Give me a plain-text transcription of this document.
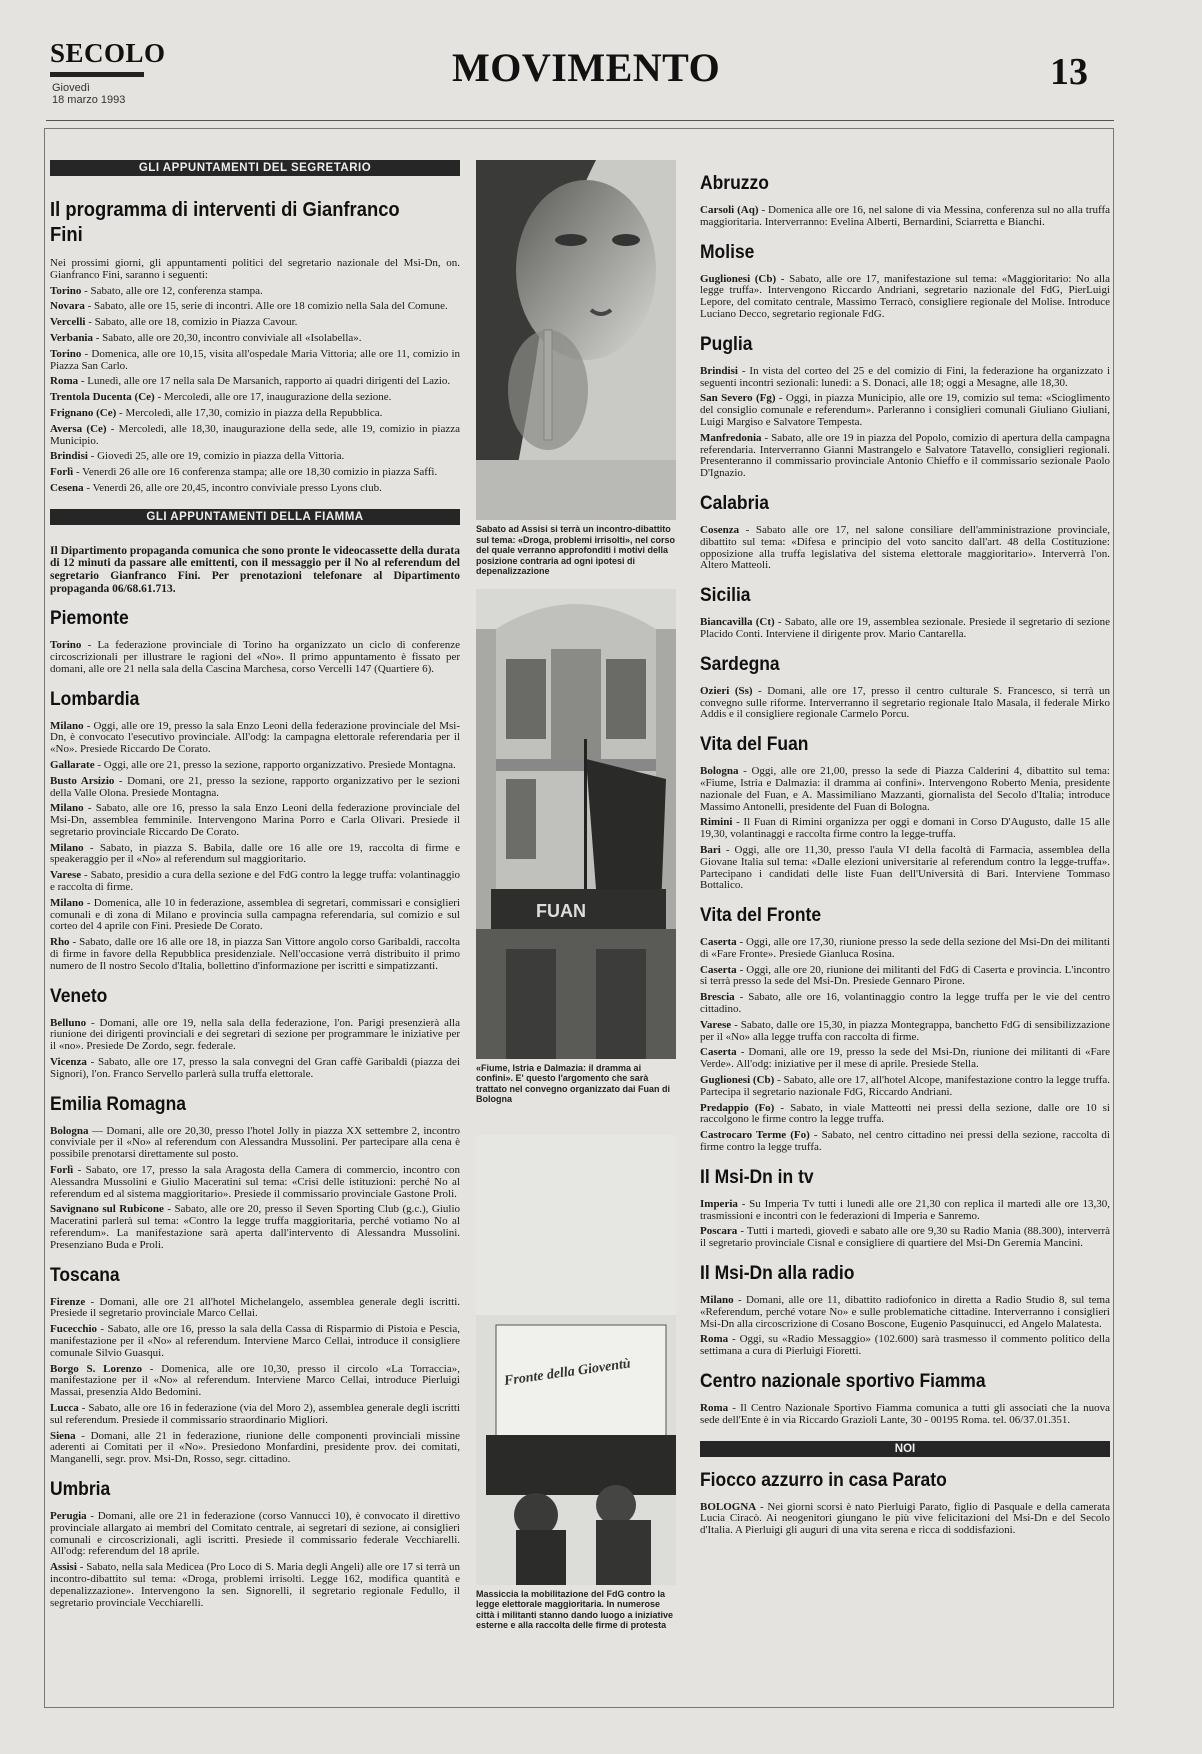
SECOLO
Giovedì
18 marzo 1993
MOVIMENTO	13
GLI APPUNTAMENTI DEL SEGRETARIO
Il programma di interventi di Gianfranco Fini

Nei prossimi giorni, gli appuntamenti politici del segretario nazionale del Msi-Dn, on. Gianfranco Fini, saranno i seguenti:

Torino - Sabato, alle ore 12, conferenza stampa.

Novara - Sabato, alle ore 15, serie di incontri. Alle ore 18 comizio nella Sala del Comune.

Vercelli - Sabato, alle ore 18, comizio in Piazza Cavour.

Verbania - Sabato, alle ore 20,30, incontro conviviale all «Isolabella».

Torino - Domenica, alle ore 10,15, visita all'ospedale Maria Vittoria; alle ore 11, comizio in Piazza San Carlo.

Roma - Lunedì, alle ore 17 nella sala De Marsanich, rapporto ai quadri dirigenti del Lazio.

Trentola Ducenta (Ce) - Mercoledì, alle ore 17, inaugurazione della sezione.

Frignano (Ce) - Mercoledì, alle 17,30, comizio in piazza della Repubblica.

Aversa (Ce) - Mercoledì, alle 18,30, inaugurazione della sede, alle 19, comizio in piazza Municipio.

Brindisi - Giovedì 25, alle ore 19, comizio in piazza della Vittoria.

Forlì - Venerdì 26 alle ore 16 conferenza stampa; alle ore 18,30 comizio in piazza Saffi.

Cesena - Venerdì 26, alle ore 20,45, incontro conviviale presso Lyons club.

GLI APPUNTAMENTI DELLA FIAMMA

Il Dipartimento propaganda comunica che sono pronte le videocassette della durata di 12 minuti da passare alle emittenti, con il messaggio per il No al referendum del segretario Gianfranco Fini. Per prenotazioni telefonare al Dipartimento propaganda 06/68.61.713.

Piemonte

Torino - La federazione provinciale di Torino ha organizzato un ciclo di conferenze circoscrizionali per illustrare le ragioni del «No». Il primo appuntamento è fissato per domani, alle ore 21 nella sala della Cascina Marchesa, corso Vercelli 147 (Quartiere 6).

Lombardia

Milano - Oggi, alle ore 19, presso la sala Enzo Leoni della federazione provinciale del Msi-Dn, è convocato l'esecutivo provinciale. All'odg: la campagna elettorale referendaria per il «No». Presiede Riccardo De Corato.

Gallarate - Oggi, alle ore 21, presso la sezione, rapporto organizzativo. Presiede Montagna.

Busto Arsizio - Domani, ore 21, presso la sezione, rapporto organizzativo per le sezioni della Valle Olona. Presiede Montagna.

Milano - Sabato, alle ore 16, presso la sala Enzo Leoni della federazione provinciale del Msi-Dn, assemblea femminile. Intervengono Marina Porro e Carla Olivari. Presiede il segretario provinciale Riccardo De Corato.

Milano - Sabato, in piazza S. Babila, dalle ore 16 alle ore 19, raccolta di firme e speakeraggio per il «No» al referendum sul maggioritario.

Varese - Sabato, presidio a cura della sezione e del FdG contro la legge truffa: volantinaggio e raccolta di firme.

Milano - Domenica, alle 10 in federazione, assemblea di segretari, commissari e consiglieri comunali e di zona di Milano e provincia sulla campagna referendaria, sul comizio e sul corteo del 4 aprile con Fini. Presiede De Corato.

Rho - Sabato, dalle ore 16 alle ore 18, in piazza San Vittore angolo corso Garibaldi, raccolta di firme in favore della Repubblica presidenziale. Nell'occasione verrà distribuito il primo numero de Il nostro Secolo d'Italia, bollettino d'informazione per iscritti e simpatizzanti.

Veneto

Belluno - Domani, alle ore 19, nella sala della federazione, l'on. Parigi presenzierà alla riunione dei dirigenti provinciali e dei segretari di sezione per programmare le iniziative per il «no». Presiede De Zordo, segr. federale.

Vicenza - Sabato, alle ore 17, presso la sala convegni del Gran caffè Garibaldi (piazza dei Signori), l'on. Franco Servello parlerà sulla truffa elettorale.

Emilia Romagna

Bologna — Domani, alle ore 20,30, presso l'hotel Jolly in piazza XX settembre 2, incontro conviviale per il «No» al referendum con Alessandra Mussolini. Per partecipare alla cena è possibile prenotarsi direttamente sul posto.

Forlì - Sabato, ore 17, presso la sala Aragosta della Camera di commercio, incontro con Alessandra Mussolini e Giulio Maceratini sul tema: «Crisi delle istituzioni: perché No al referendum ed al sistema maggioritario». Presiede il commissario provinciale Gastone Proli.

Savignano sul Rubicone - Sabato, alle ore 20, presso il Seven Sporting Club (g.c.), Giulio Maceratini parlerà sul tema: «Contro la legge truffa maggioritaria, perché votiamo No al referendum». La manifestazione sarà aperta dall'intervento di Alessandra Mussolini. Presenziano Buda e Proli.

Toscana

Firenze - Domani, alle ore 21 all'hotel Michelangelo, assemblea generale degli iscritti. Presiede il segretario provinciale Marco Cellai.

Fucecchio - Sabato, alle ore 16, presso la sala della Cassa di Risparmio di Pistoia e Pescia, manifestazione per il «No» al referendum. Interviene Marco Cellai, introduce il consigliere comunale Silvio Guasqui.

Borgo S. Lorenzo - Domenica, alle ore 10,30, presso il circolo «La Torraccia», manifestazione per il «No» al referendum. Interviene Marco Cellai, introduce Pierluigi Massai, presenzia Aldo Bedomini.

Lucca - Sabato, alle ore 16 in federazione (via del Moro 2), assemblea generale degli iscritti sul referendum. Presiede il commissario straordinario Migliori.

Siena - Domani, alle 21 in federazione, riunione delle componenti provinciali missine aderenti ai Comitati per il «No». Presiedono Monfardini, presidente prov. dei comitati, Manganelli, segr. prov. Msi-Dn, Rosso, segr. cittadino.

Umbria

Perugia - Domani, alle ore 21 in federazione (corso Vannucci 10), è convocato il direttivo provinciale allargato ai membri del Comitato centrale, ai segretari di sezione, ai consiglieri comunali e circoscrizionali, agli iscritti. Presiede il commissario federale Vecchiarelli. All'odg: referendum del 18 aprile.

Assisi - Sabato, nella sala Medicea (Pro Loco di S. Maria degli Angeli) alle ore 17 si terrà un incontro-dibattito sul tema: «Droga, problemi irrisolti. Legge 162, modifica quantità e depenalizzazione». Intervengono la sen. Signorelli, il segretario regionale Fedullo, il segretario provinciale Vecchiarelli.

Sabato ad Assisi si terrà un incontro-dibattito sul tema: «Droga, problemi irrisolti», nel corso del quale verranno approfonditi i motivi della posizione contraria ad ogni ipotesi di depenalizzazione
FUAN
«Fiume, Istria e Dalmazia: il dramma ai confini». E' questo l'argomento che sarà trattato nel convegno organizzato dai Fuan di Bologna
Fronte della Gioventù
Massiccia la mobilitazione del FdG contro la legge elettorale maggioritaria. In numerose città i militanti stanno dando luogo a iniziative esterne e alla raccolta delle firme di protesta
Abruzzo

Carsoli (Aq) - Domenica alle ore 16, nel salone di via Messina, conferenza sul no alla truffa maggioritaria. Interverranno: Evelina Alberti, Bernardini, Sciarretta e Bianchi.

Molise

Guglionesi (Cb) - Sabato, alle ore 17, manifestazione sul tema: «Maggioritario: No alla legge truffa». Intervengono Riccardo Andriani, segretario nazionale del FdG, PierLuigi Lepore, del comitato centrale, Massimo Terracò, consigliere regionale del Molise. Introduce Luciano Decco, segretario regionale FdG.

Puglia

Brindisi - In vista del corteo del 25 e del comizio di Fini, la federazione ha organizzato i seguenti incontri sezionali: lunedì: a S. Donaci, alle 18; oggi a Mesagne, alle 18,30.

San Severo (Fg) - Oggi, in piazza Municipio, alle ore 19, comizio sul tema: «Scioglimento del consiglio comunale e referendum». Parleranno i consiglieri comunali Giuliano Giuliani, Luigi Margiso e Salvatore Tempesta.

Manfredonia - Sabato, alle ore 19 in piazza del Popolo, comizio di apertura della campagna referendaria. Interverranno Gianni Mastrangelo e Salvatore Tatavello, consiglieri regionali. Presenteranno il commissario provinciale Antonio Chieffo e il commissario sezionale Paolo D'Ignazio.

Calabria

Cosenza - Sabato alle ore 17, nel salone consiliare dell'amministrazione provinciale, dibattito sul tema: «Difesa e principio del voto sancito dall'art. 48 della Costituzione: opposizione alla truffa legislativa del sistema elettorale maggioritario». Interverrà l'on. Altero Matteoli.

Sicilia

Biancavilla (Ct) - Sabato, alle ore 19, assemblea sezionale. Presiede il segretario di sezione Placido Conti. Interviene il dirigente prov. Mario Cantarella.

Sardegna

Ozieri (Ss) - Domani, alle ore 17, presso il centro culturale S. Francesco, si terrà un convegno sulle riforme. Interverranno il segretario regionale Italo Masala, il federale Mirko Addis e il consigliere regionale Carmelo Porcu.

Vita del Fuan

Bologna - Oggi, alle ore 21,00, presso la sede di Piazza Calderini 4, dibattito sul tema: «Fiume, Istria e Dalmazia: il dramma ai confini». Intervengono Roberto Menia, presidente nazionale del Fuan, e A. Massimiliano Mazzanti, giornalista del Secolo d'Italia; introduce Massimo Antonelli, presidente del Fuan di Bologna.

Rimini - Il Fuan di Rimini organizza per oggi e domani in Corso D'Augusto, dalle 15 alle 19,30, volantinaggi e raccolta firme contro la legge-truffa.

Bari - Oggi, alle ore 11,30, presso l'aula VI della facoltà di Farmacia, assemblea della Giovane Italia sul tema: «Dalle elezioni universitarie al referendum contro la legge-truffa». Partecipano i candidati delle liste Fuan dell'Università di Bari. Interviene Tommaso Bottalico.

Vita del Fronte

Caserta - Oggi, alle ore 17,30, riunione presso la sede della sezione del Msi-Dn dei militanti di «Fare Fronte». Presiede Gianluca Rosina.

Caserta - Oggi, alle ore 20, riunione dei militanti del FdG di Caserta e provincia. L'incontro si terrà presso la sede del Msi-Dn. Presiede Gennaro Pirone.

Brescia - Sabato, alle ore 16, volantinaggio contro la legge truffa per le vie del centro cittadino.

Varese - Sabato, dalle ore 15,30, in piazza Montegrappa, banchetto FdG di sensibilizzazione per il «No» alla legge truffa con raccolta di firme.

Caserta - Domani, alle ore 19, presso la sede del Msi-Dn, riunione dei militanti di «Fare Verde». All'odg: iniziative per il mese di aprile. Presiede Stella.

Guglionesi (Cb) - Sabato, alle ore 17, all'hotel Alcope, manifestazione contro la legge truffa. Partecipa il segretario nazionale FdG, Riccardo Andriani.

Predappio (Fo) - Sabato, in viale Matteotti nei pressi della sezione, dalle ore 10 si raccolgono le firme contro la legge truffa.

Castrocaro Terme (Fo) - Sabato, nel centro cittadino nei pressi della sezione, raccolta di firme contro la legge truffa.

Il Msi-Dn in tv

Imperia - Su Imperia Tv tutti i lunedì alle ore 21,30 con replica il martedì alle ore 13,30, trasmissioni e incontri con le federazioni di Imperia e Sanremo.

Poscara - Tutti i martedì, giovedì e sabato alle ore 9,30 su Radio Mania (88.300), interverrà il segretario provinciale Cisnal e consigliere di quartiere del Msi-Dn Geremia Mancini.

Il Msi-Dn alla radio

Milano - Domani, alle ore 11, dibattito radiofonico in diretta a Radio Studio 8, sul tema «Referendum, perché votare No» e sulle problematiche cittadine. Interverranno i consiglieri Msi-Dn alla circoscrizione di Cosano Boscone, Eugenio Pasquinucci, ed Angelo Malatesta.

Roma - Oggi, su «Radio Messaggio» (102.600) sarà trasmesso il commento politico della settimana a cura di Pierluigi Fioretti.

Centro nazionale sportivo Fiamma

Roma - Il Centro Nazionale Sportivo Fiamma comunica a tutti gli associati che la nuova sede dell'Ente è in via Riccardo Grazioli Lante, 30 - 00195 Roma. tel. 06/37.01.351.

NOI
Fiocco azzurro in casa Parato

BOLOGNA - Nei giorni scorsi è nato Pierluigi Parato, figlio di Pasquale e della camerata Lucia Ciracò. Ai neogenitori giungano le più vive felicitazioni del Msi-Dn e del Secolo d'Italia. A Pierluigi gli auguri di una vita serena e ricca di soddisfazioni.
